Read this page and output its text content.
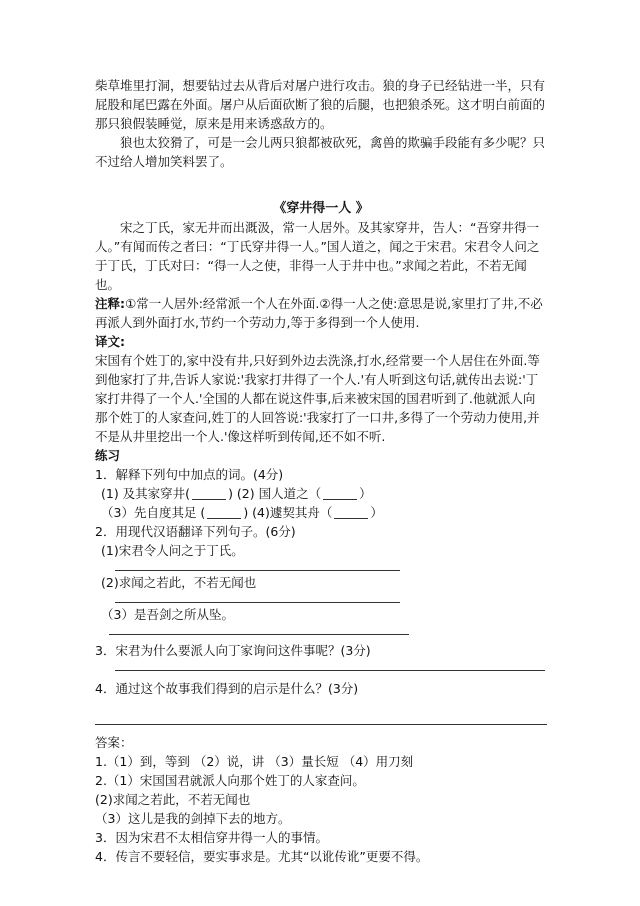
柴草堆里打洞，想要钻过去从背后对屠户进行攻击。狼的身子已经钻进一半，只有屁股和尾巴露在外面。屠户从后面砍断了狼的后腿，也把狼杀死。这才明白前面的那只狼假装睡觉，原来是用来诱惑敌方的。

狼也太狡猾了，可是一会儿两只狼都被砍死，禽兽的欺骗手段能有多少呢？只不过给人增加笑料罢了。

《穿井得一人 》

宋之丁氏，家无井而出溉汲，常一人居外。及其家穿井，告人：“吾穿井得一人。”有闻而传之者曰：“丁氏穿井得一人。”国人道之，闻之于宋君。宋君令人问之于丁氏，丁氏对曰：“得一人之使，非得一人于井中也。”求闻之若此，不若无闻也。

注释:①常一人居外:经常派一个人在外面.②得一人之使:意思是说,家里打了井,不必再派人到外面打水,节约一个劳动力,等于多得到一个人使用.

译文:

宋国有个姓丁的,家中没有井,只好到外边去洗涤,打水,经常要一个人居住在外面.等到他家打了井,告诉人家说:'我家打井得了一个人.'有人听到这句话,就传出去说:'丁家打井得了一个人.'全国的人都在说这件事,后来被宋国的国君听到了.他就派人向那个姓丁的人家查问,姓丁的人回答说:'我家打了一口井,多得了一个劳动力使用,并不是从井里挖出一个人.'像这样听到传闻,还不如不听.

练习

1．解释下列句中加点的词。(4分)

(1) 及其家穿井(	) (2) 国人道之（	）

（3）先自度其足 (	) (4)遽契其舟（	）

2．用现代汉语翻译下列句子。(6分)

(1)宋君令人问之于丁氏。

(2)求闻之若此，不若无闻也

（3）是吾剑之所从坠。

3．宋君为什么要派人向丁家询问这件事呢？(3分)

4．通过这个故事我们得到的启示是什么？(3分)

答案：

1.（1）到，等到 （2）说，讲 （3）量长短 （4）用刀刻

2.（1）宋国国君就派人向那个姓丁的人家查问。

(2)求闻之若此，不若无闻也

（3）这儿是我的剑掉下去的地方。

3．因为宋君不太相信穿井得一人的事情。

4．传言不要轻信，要实事求是。尤其“以讹传讹”更要不得。
